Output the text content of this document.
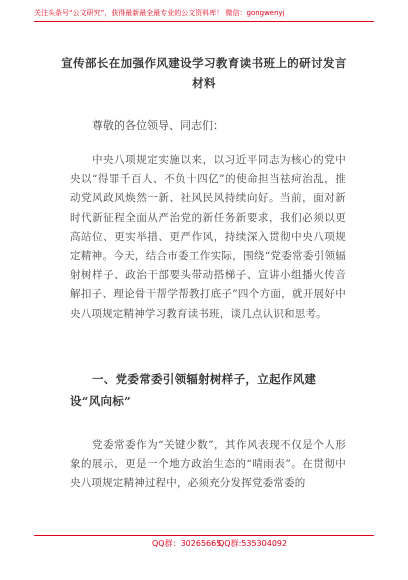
关注头条号“公文研究”，获得最新最全最专业的公文资料库！ 微信：gongwenyj
宣传部长在加强作风建设学习教育读书班上的研讨发言材料
尊敬的各位领导、同志们：

中央八项规定实施以来，以习近平同志为核心的党中央以“得罪千百人、不负十四亿”的使命担当祛疴治乱，推动党风政风焕然一新、社风民风持续向好。当前，面对新时代新征程全面从严治党的新任务新要求，我们必须以更高站位、更实举措、更严作风，持续深入贯彻中央八项规定精神。今天，结合市委工作实际，围绕“党委常委引领辐射树样子、政治干部要头带动搭梯子、宣讲小组播火传音解扣子、理论骨干帮学帮教打底子”四个方面，就开展好中央八项规定精神学习教育读书班，谈几点认识和思考。

一、党委常委引领辐射树样子，立起作风建设“风向标”

党委常委作为“关键少数”，其作风表现不仅是个人形象的展示，更是一个地方政治生态的“晴雨表”。在贯彻中央八项规定精神过程中，必须充分发挥党委常委的

QQ群：30265665
QQ群:535304092
